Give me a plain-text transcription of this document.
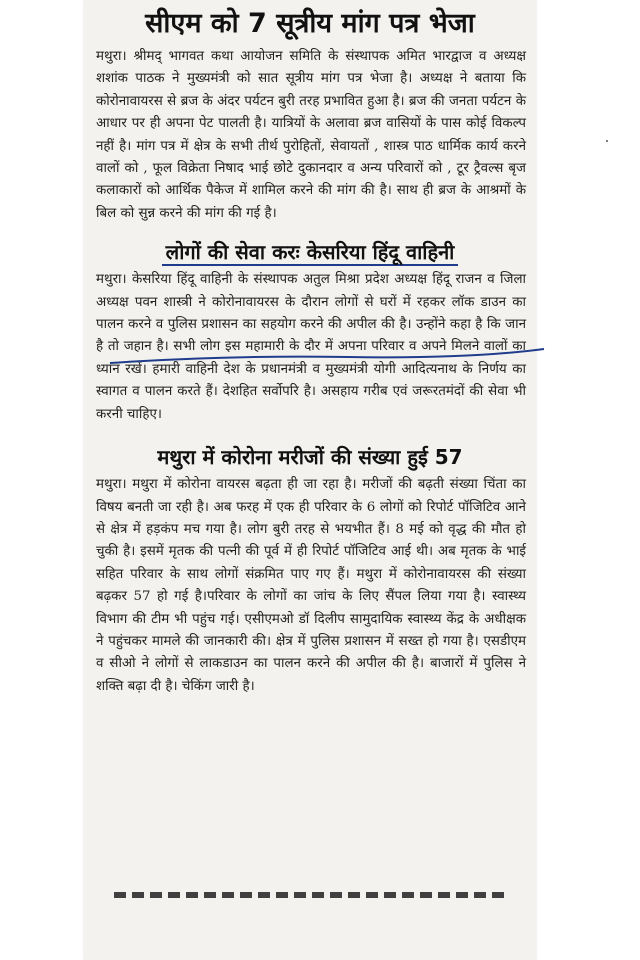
सीएम को 7 सूत्रीय मांग पत्र भेजा

मथुरा। श्रीमद् भागवत कथा आयोजन समिति के संस्थापक अमित भारद्वाज व अध्यक्ष शशांक पाठक ने मुख्यमंत्री को सात सूत्रीय मांग पत्र भेजा है। अध्यक्ष ने बताया कि कोरोनावायरस से ब्रज के अंदर पर्यटन बुरी तरह प्रभावित हुआ है। ब्रज की जनता पर्यटन के आधार पर ही अपना पेट पालती है। यात्रियों के अलावा ब्रज वासियों के पास कोई विकल्प नहीं है। मांग पत्र में क्षेत्र के सभी तीर्थ पुरोहितों, सेवायतों , शास्त्र पाठ धार्मिक कार्य करने वालों को , फूल विक्रेता निषाद भाई छोटे दुकानदार व अन्य परिवारों को , टूर ट्रैवल्स बृज कलाकारों को आर्थिक पैकेज में शामिल करने की मांग की है। साथ ही ब्रज के आश्रमों के बिल को सुन्न करने की मांग की गई है।

लोगों की सेवा करः केसरिया हिंदू वाहिनी

मथुरा। केसरिया हिंदू वाहिनी के संस्थापक अतुल मिश्रा प्रदेश अध्यक्ष हिंदू राजन व जिला अध्यक्ष पवन शास्त्री ने कोरोनावायरस के दौरान लोगों से घरों में रहकर लॉक डाउन का पालन करने व पुलिस प्रशासन का सहयोग करने की अपील की है। उन्होंने कहा है कि जान है तो जहान है। सभी लोग इस महामारी के दौर में अपना परिवार व अपने मिलने वालों का ध्यान रखें। हमारी वाहिनी देश के प्रधानमंत्री व मुख्यमंत्री योगी आदित्यनाथ के निर्णय का स्वागत व पालन करते हैं। देशहित सर्वोपरि है। असहाय गरीब एवं जरूरतमंदों की सेवा भी करनी चाहिए।

मथुरा में कोरोना मरीजों की संख्या हुई 57

मथुरा। मथुरा में कोरोना वायरस बढ़ता ही जा रहा है। मरीजों की बढ़ती संख्या चिंता का विषय बनती जा रही है। अब फरह में एक ही परिवार के 6 लोगों को रिपोर्ट पॉजिटिव आने से क्षेत्र में हड़कंप मच गया है। लोग बुरी तरह से भयभीत हैं। 8 मई को वृद्ध की मौत हो चुकी है। इसमें मृतक की पत्नी की पूर्व में ही रिपोर्ट पॉजिटिव आई थी। अब मृतक के भाई सहित परिवार के साथ लोगों संक्रमित पाए गए हैं। मथुरा में कोरोनावायरस की संख्या बढ़कर 57 हो गई है।परिवार के लोगों का जांच के लिए सैंपल लिया गया है। स्वास्थ्य विभाग की टीम भी पहुंच गई। एसीएमओ डॉ दिलीप सामुदायिक स्वास्थ्य केंद्र के अधीक्षक ने पहुंचकर मामले की जानकारी की। क्षेत्र में पुलिस प्रशासन में सख्त हो गया है। एसडीएम व सीओ ने लोगों से लाकडाउन का पालन करने की अपील की है। बाजारों में पुलिस ने शक्ति बढ़ा दी है। चेकिंग जारी है।
